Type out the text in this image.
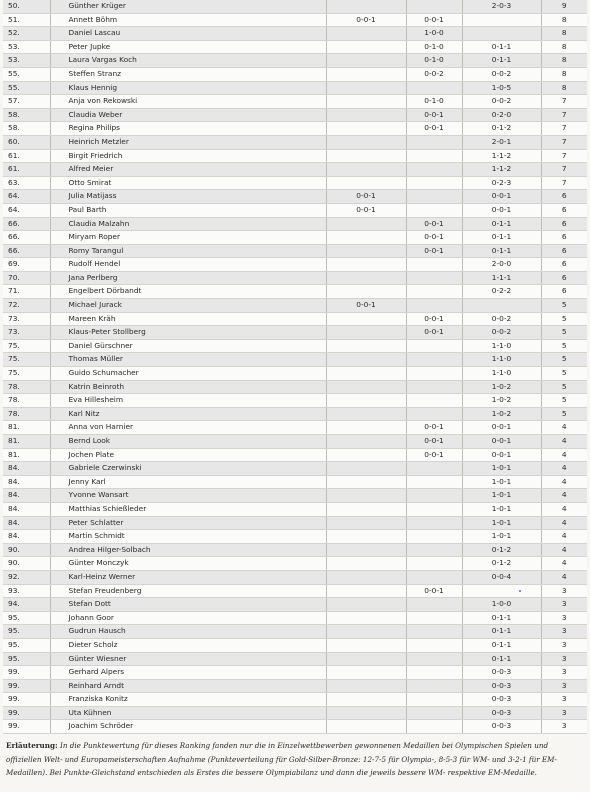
50.	Günther Krüger			2-0-3	9
51.	Annett Böhm	0-0-1	0-0-1		8
52.	Daniel Lascau		1-0-0		8
53.	Peter Jupke		0-1-0	0-1-1	8
53.	Laura Vargas Koch		0-1-0	0-1-1	8
55.	Steffen Stranz		0-0-2	0-0-2	8
55.	Klaus Hennig			1-0-5	8
57.	Anja von Rekowski		0-1-0	0-0-2	7
58.	Claudia Weber		0-0-1	0-2-0	7
58.	Regina Philips		0-0-1	0-1-2	7
60.	Heinrich Metzler			2-0-1	7
61.	Birgit Friedrich			1-1-2	7
61.	Alfred Meier			1-1-2	7
63.	Otto Smirat			0-2-3	7
64.	Julia Matijass	0-0-1		0-0-1	6
64.	Paul Barth	0-0-1		0-0-1	6
66.	Claudia Malzahn		0-0-1	0-1-1	6
66.	Miryam Roper		0-0-1	0-1-1	6
66.	Romy Tarangul		0-0-1	0-1-1	6
69.	Rudolf Hendel			2-0-0	6
70.	Jana Perlberg			1-1-1	6
71.	Engelbert Dörbandt			0-2-2	6
72.	Michael Jurack	0-0-1			5
73.	Mareen Kräh		0-0-1	0-0-2	5
73.	Klaus-Peter Stollberg		0-0-1	0-0-2	5
75.	Daniel Gürschner			1-1-0	5
75.	Thomas Müller			1-1-0	5
75.	Guido Schumacher			1-1-0	5
78.	Katrin Beinroth			1-0-2	5
78.	Eva Hillesheim			1-0-2	5
78.	Karl Nitz			1-0-2	5
81.	Anna von Harnier		0-0-1	0-0-1	4
81.	Bernd Look		0-0-1	0-0-1	4
81.	Jochen Plate		0-0-1	0-0-1	4
84.	Gabriele Czerwinski			1-0-1	4
84.	Jenny Karl			1-0-1	4
84.	Yvonne Wansart			1-0-1	4
84.	Matthias Schießleder			1-0-1	4
84.	Peter Schlatter			1-0-1	4
84.	Martin Schmidt			1-0-1	4
90.	Andrea Hilger-Solbach			0-1-2	4
90.	Günter Monczyk			0-1-2	4
92.	Karl-Heinz Werner			0-0-4	4
93.	Stefan Freudenberg		0-0-1		3
94.	Stefan Dott			1-0-0	3
95.	Johann Goor			0-1-1	3
95.	Gudrun Hausch			0-1-1	3
95.	Dieter Scholz			0-1-1	3
95.	Günter Wiesner			0-1-1	3
99.	Gerhard Alpers			0-0-3	3
99.	Reinhard Arndt			0-0-3	3
99.	Franziska Konitz			0-0-3	3
99.	Uta Kühnen			0-0-3	3
99.	Joachim Schröder			0-0-3	3

Erläuterung: In die Punktewertung für dieses Ranking fanden nur die in Einzelwettbewerben gewonnenen Medaillen bei Olympischen Spielen und offiziellen Welt- und Europameisterschaften Aufnahme (Punkteverteilung für Gold-Silber-Bronze: 12-7-5 für Olympia-, 8-5-3 für WM- und 3-2-1 für EM-Medaillen). Bei Punkte-Gleichstand entschieden als Erstes die bessere Olympiabilanz und dann die jeweils bessere WM- respektive EM-Medaille.
